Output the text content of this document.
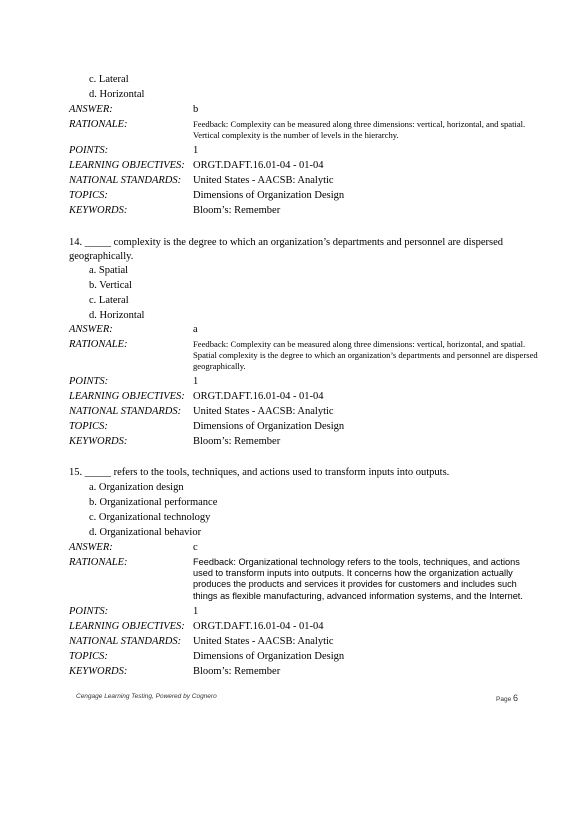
c. Lateral
d. Horizontal
ANSWER:	b
RATIONALE:	Feedback: Complexity can be measured along three dimensions: vertical, horizontal, and spatial. Vertical complexity is the number of levels in the hierarchy.
POINTS:	1
LEARNING OBJECTIVES: ORGT.DAFT.16.01-04 - 01-04
NATIONAL STANDARDS:	United States - AACSB: Analytic
TOPICS:	Dimensions of Organization Design
KEYWORDS:	Bloom’s: Remember
14. _____ complexity is the degree to which an organization’s departments and personnel are dispersed geographically.
a. Spatial
b. Vertical
c. Lateral
d. Horizontal
ANSWER:	a
RATIONALE:	Feedback: Complexity can be measured along three dimensions: vertical, horizontal, and spatial. Spatial complexity is the degree to which an organization’s departments and personnel are dispersed geographically.
POINTS:	1
LEARNING OBJECTIVES: ORGT.DAFT.16.01-04 - 01-04
NATIONAL STANDARDS:	United States - AACSB: Analytic
TOPICS:	Dimensions of Organization Design
KEYWORDS:	Bloom’s: Remember
15. _____ refers to the tools, techniques, and actions used to transform inputs into outputs.
a. Organization design
b. Organizational performance
c. Organizational technology
d. Organizational behavior
ANSWER:	c
RATIONALE:	Feedback: Organizational technology refers to the tools, techniques, and actions used to transform inputs into outputs. It concerns how the organization actually produces the products and services it provides for customers and includes such things as flexible manufacturing, advanced information systems, and the Internet.
POINTS:	1
LEARNING OBJECTIVES: ORGT.DAFT.16.01-04 - 01-04
NATIONAL STANDARDS:	United States - AACSB: Analytic
TOPICS:	Dimensions of Organization Design
KEYWORDS:	Bloom’s: Remember
Cengage Learning Testing, Powered by Cognero	Page 6
